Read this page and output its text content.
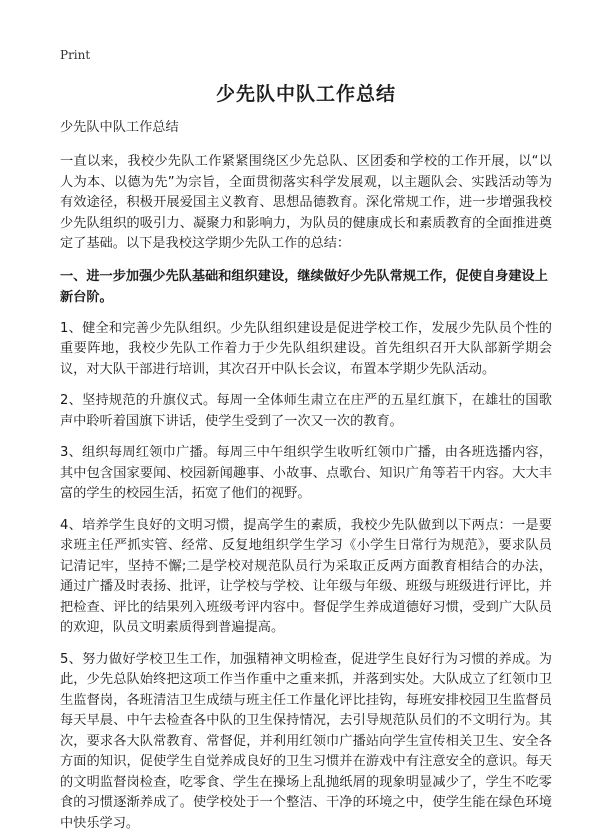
Print
少先队中队工作总结

少先队中队工作总结

一直以来，我校少先队工作紧紧围绕区少先总队、区团委和学校的工作开展，以“以人为本、以德为先”为宗旨，全面贯彻落实科学发展观，以主题队会、实践活动等为有效途径，积极开展爱国主义教育、思想品德教育。深化常规工作，进一步增强我校少先队组织的吸引力、凝聚力和影响力，为队员的健康成长和素质教育的全面推进奠定了基础。以下是我校这学期少先队工作的总结：

一、进一步加强少先队基础和组织建设，继续做好少先队常规工作，促使自身建设上新台阶。

1、健全和完善少先队组织。少先队组织建设是促进学校工作，发展少先队员个性的重要阵地，我校少先队工作着力于少先队组织建设。首先组织召开大队部新学期会议，对大队干部进行培训，其次召开中队长会议，布置本学期少先队活动。

2、坚持规范的升旗仪式。每周一全体师生肃立在庄严的五星红旗下，在雄壮的国歌声中聆听着国旗下讲话，使学生受到了一次又一次的教育。

3、组织每周红领巾广播。每周三中午组织学生收听红领巾广播，由各班选播内容，其中包含国家要闻、校园新闻趣事、小故事、点歌台、知识广角等若干内容。大大丰富的学生的校园生活，拓宽了他们的视野。

4、培养学生良好的文明习惯，提高学生的素质，我校少先队做到以下两点：一是要求班主任严抓实管、经常、反复地组织学生学习《小学生日常行为规范》，要求队员记清记牢，坚持不懈;二是学校对规范队员行为采取正反两方面教育相结合的办法，通过广播及时表扬、批评，让学校与学校、让年级与年级、班级与班级进行评比，并把检查、评比的结果列入班级考评内容中。督促学生养成道德好习惯，受到广大队员的欢迎，队员文明素质得到普遍提高。

5、努力做好学校卫生工作，加强精神文明检查，促进学生良好行为习惯的养成。为此，少先总队始终把这项工作当作重中之重来抓，并落到实处。大队成立了红领巾卫生监督岗，各班清洁卫生成绩与班主任工作量化评比挂钩，每班安排校园卫生监督员每天早晨、中午去检查各中队的卫生保持情况，去引导规范队员们的不文明行为。其次，要求各大队常教育、常督促，并利用红领巾广播站向学生宣传相关卫生、安全各方面的知识，促使学生自觉养成良好的卫生习惯并在游戏中有注意安全的意识。每天的文明监督岗检查，吃零食、学生在操场上乱抛纸屑的现象明显减少了，学生不吃零食的习惯逐渐养成了。使学校处于一个整洁、干净的环境之中，使学生能在绿色环境中快乐学习。
